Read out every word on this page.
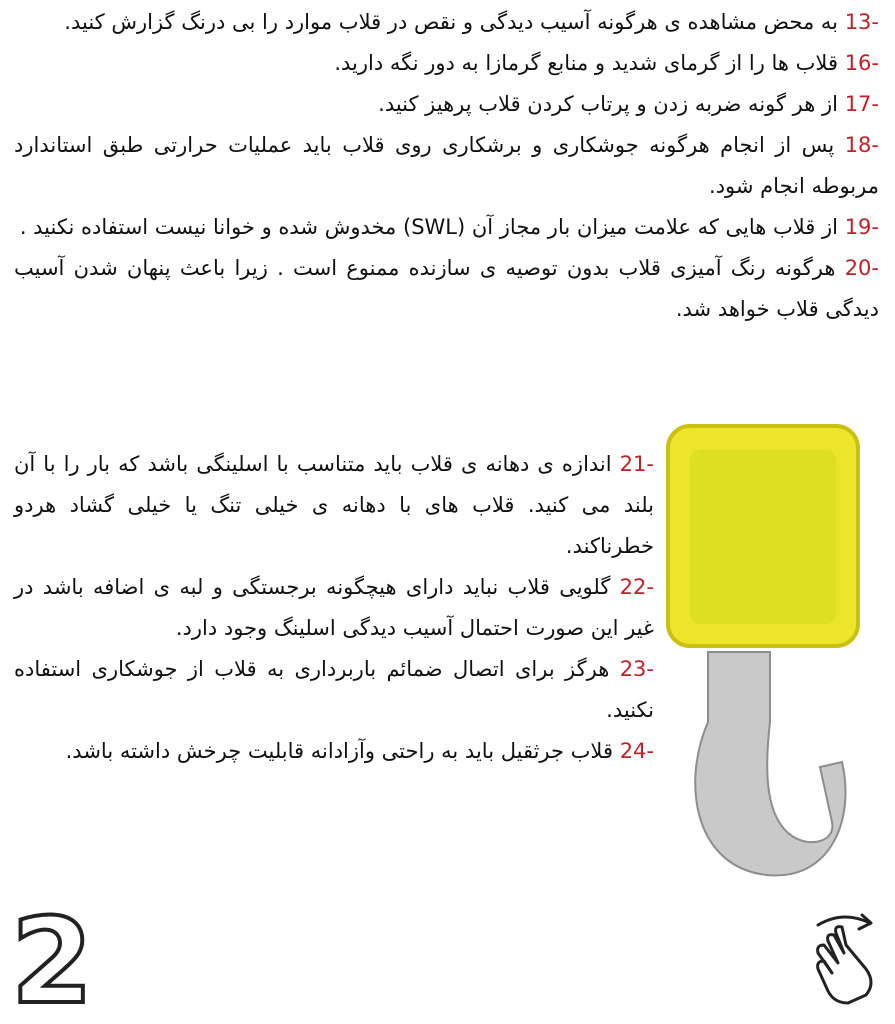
-13 به محض مشاهده ی هرگونه آسیب دیدگی و نقص در قلاب موارد را بی درنگ گزارش کنید.

-16 قلاب ها را از گرمای شدید و منابع گرمازا به دور نگه دارید.

-17 از هر گونه ضربه زدن و پرتاب کردن قلاب پرهیز کنید.

-18 پس از انجام هرگونه جوشکاری و برشکاری روی قلاب باید عملیات حرارتی طبق استاندارد مربوطه انجام شود.

-19 از قلاب هایی که علامت میزان بار مجاز آن (SWL) مخدوش شده و خوانا نیست استفاده نکنید .

-20 هرگونه رنگ آمیزی قلاب بدون توصیه ی سازنده ممنوع است . زیرا باعث پنهان شدن آسیب دیدگی قلاب خواهد شد.

-21 اندازه ی دهانه ی قلاب باید متناسب با اسلینگی باشد که بار را با آن بلند می کنید. قلاب های با دهانه ی خیلی تنگ یا خیلی گشاد هردو خطرناکند.

-22 گلویی قلاب نباید دارای هیچگونه برجستگی و لبه ی اضافه باشد در غیر این صورت احتمال آسیب دیدگی اسلینگ وجود دارد.

-23 هرگز برای اتصال ضمائم باربرداری به قلاب از جوشکاری استفاده نکنید.

-24 قلاب جرثقیل باید به راحتی وآزادانه قابلیت چرخش داشته باشد.

2
